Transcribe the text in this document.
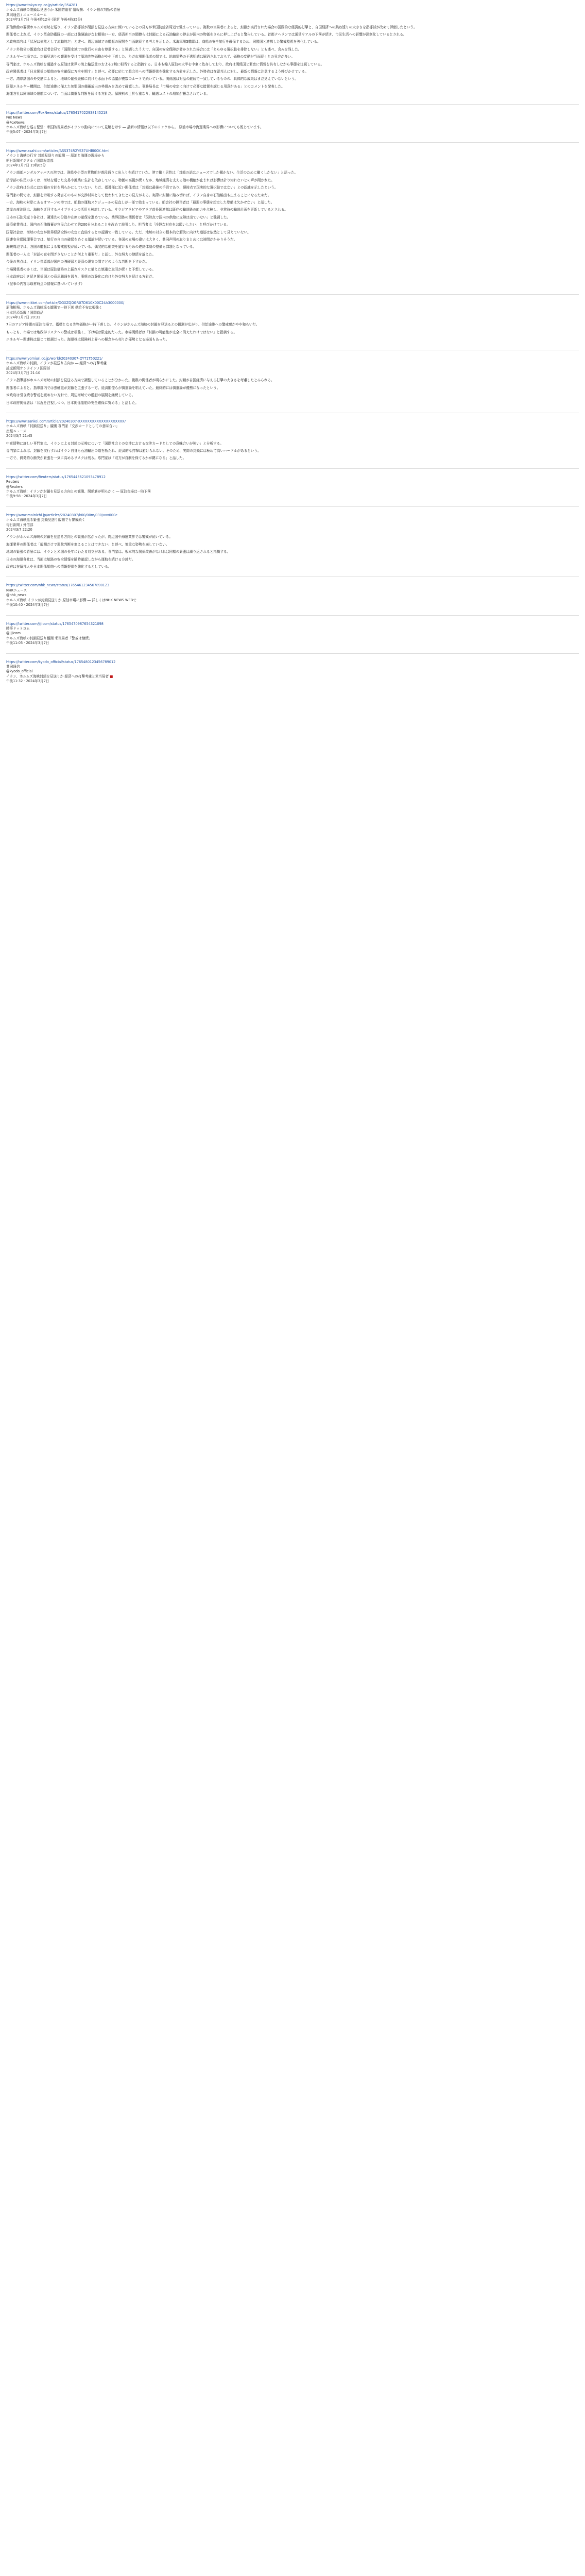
https://www.tokyo-np.co.jp/article/354281
ホルムズ海峡の閉鎖は見送りか 米国防総省 情報筋：イラン側の判断の背景
共同通信 / ニュースルーム
2024年3月7日 午後4時12分 (更新 午後4時35分)
原油供給の要衝ホルムズ海峡を巡り、イラン指導部が閉鎖を見送る方向に傾いているとの見方が米国防総省周辺で強まっている。複数の当局者によると、封鎖が実行された場合の国際的な経済的打撃と、自国経済への跳ね返りの大きさを指導部が改めて評価したという。
関係者によれば、イラン革命防衛隊の一部には強硬論がなお根強い一方、経済担当の閣僚らは封鎖による石油輸出の停止が国内の物価をさらに押し上げると警告している。首都テヘランでは通貨リアルの下落が続き、市民生活への影響が深刻化しているとされる。
米政府高官は「状況は依然として流動的だ」と述べ、周辺海域での艦艇の展開を当面継続する考えを示した。米海軍第5艦隊は、商船の安全航行を確保するため、同盟国と連携した警戒監視を強化している。
イラン外務省の報道官は記者会見で「国際水域での航行の自由を尊重する」と強調したうえで、自国の安全保障が脅かされた場合には「あらゆる選択肢を排除しない」とも述べ、含みを残した。
エネルギー市場では、封鎖見送りの観測を受けて原油先物価格がやや下落した。ただ市場関係者の間では、地域情勢の不透明感は解消されておらず、価格の変動が当面続くとの見方が多い。
専門家は、ホルムズ海峡を通過する原油は世界の海上輸送量のおよそ2割に相当すると指摘する。日本も輸入原油の大半を中東に依存しており、政府は関係国と緊密に情報を共有しながら事態を注視している。
政府関係者は「日本関係の船舶の安全確保に万全を期す」と述べ、必要に応じて船会社への情報提供を強化する方針を示した。外務省は在留邦人に対し、最新の情報に注意するよう呼びかけている。
一方、湾岸諸国の外交筋によると、地域の緊張緩和に向けた水面下の協議が複数のルートで続いている。関係国は対話の継続で一致しているものの、具体的な成果はまだ見えていないという。
国際エネルギー機関は、供給途絶に備えた加盟国の備蓄放出の枠組みを改めて確認した。事務局長は「市場の安定に向けて必要な措置を講じる用意がある」とのコメントを発表した。
海運各社は同海域の運航について、当面は慎重な判断を続ける方針だ。保険料の上昇も重なり、輸送コストの増加が懸念されている。
https://twitter.com/FoxNews/status/1765417022938145218
Fox News
@FoxNews
ホルムズ海峡を巡る緊張：米国防当局者がイランの動向について見解を示す ― 最新の情報は以下のリンクから。 原油市場や海運業界への影響についても報じています。
午後5:07 · 2024年3月7日
https://www.asahi.com/articles/ASS374R2YS37UHBI00K.html
イランと海峡の行方 封鎖見送りの観測 ― 原油と海運の現場から
朝日新聞デジタル / 国際報道部
2024年3月7日 19時05分
イラン南部バンダルアッバスの港では、漁船や小型の貨物船が普段通りに出入りを続けていた。港で働く男性は「封鎖の話はニュースでしか聞かない。生活のために働くしかない」と語った。
沿岸部の住民の多くは、海峡を通じた交易や漁業に生計を依存している。物価の高騰が続くなか、地域経済を支える港の機能が止まれば影響は計り知れないとの声が聞かれた。
イラン政府は公式には封鎖の方針を明らかにしていない。ただ、指導部に近い関係者は「封鎖は最後の手段であり、現時点で現実的な選択肢ではない」との認識を示したという。
専門家の間では、封鎖を示唆する発言そのものが交渉材料として使われてきたとの見方がある。実際に封鎖に踏み切れば、イラン自身の石油輸出も止まることになるためだ。
一方、海峡の対岸にあるオマーンの港では、船舶の運航スケジュールの見直しが一部で始まっている。船会社の担当者は「最悪の事態を想定した準備は欠かせない」と話した。
湾岸の産油国は、海峡を迂回するパイプラインの活用も検討している。サウジアラビアやアラブ首長国連邦は既存の輸送路の能力を点検し、非常時の輸送計画を更新しているとされる。
日本の石油元売り各社は、調達先の分散や在庫の確保を進めている。業界団体の関係者は「現時点で国内の供給に支障は出ていない」と強調した。
経済産業省は、国内の石油備蓄が官民合わせて約200日分あることを改めて説明した。担当者は「冷静な対応をお願いしたい」と呼びかけている。
国際社会は、海峡の安定が世界経済全体の安定に直結するとの認識で一致している。ただ、地域の対立の根本的な解決に向けた道筋は依然として見えていない。
国連安全保障理事会では、航行の自由の確保をめぐる議論が続いている。各国の立場の違いは大きく、共同声明の取りまとめには時間がかかりそうだ。
海峡周辺では、各国の艦艇による警戒監視が続いている。偶発的な衝突を避けるための連絡体制の整備も課題となっている。
関係者の一人は「対話の窓を閉ざさないことが何より重要だ」と話し、外交努力の継続を訴えた。
今後の焦点は、イラン指導部が国内の強硬派と経済の現実の間でどのような判断を下すかだ。
市場関係者の多くは、当面は原油価格の上振れリスクに備えた慎重な取引が続くと予想している。
日本政府は引き続き関係国との意思疎通を図り、事態の沈静化に向けた外交努力を続ける方針だ。
（記事の内容は取材時点の情報に基づいています）
https://www.nikkei.com/article/DGXZQOGR07D610X00C24A3000000/
原油相場、ホルムズ海峡巡る観測で一時下落 供給不安は根強く
日本経済新聞 / 国際商品
2024年3月7日 20:31
7日のアジア時間の原油市場で、指標となる先物価格が一時下落した。イランがホルムズ海峡の封鎖を見送るとの観測が広がり、供給途絶への警戒感がやや和らいだ。
もっとも、市場では地政学リスクへの警戒は根強く、下げ幅は限定的だった。市場関係者は「封鎖の可能性が完全に消えたわけではない」と指摘する。
エネルギー関連株は総じて軟調だった。海運株は保険料上昇への懸念から売りが優勢となる場面もあった。
https://www.yomiuri.co.jp/world/20240307-OYT1T50221/
ホルムズ海峡の封鎖、イランが見送り方向か ― 経済への打撃考慮
読売新聞オンライン / 国際部
2024年3月7日 21:10
イラン指導部がホルムズ海峡の封鎖を見送る方向で調整していることが分かった。複数の関係者が明らかにした。封鎖が自国経済に与える打撃の大きさを考慮したとみられる。
関係者によると、指導部内では強硬派が封鎖を主張する一方、経済閣僚らが慎重論を唱えていた。最終的には慎重論が優勢になったという。
米政府は引き続き警戒を緩めない方針で、周辺海域での艦艇の展開を継続している。
日本政府関係者は「状況を注視しつつ、日本関係船舶の安全確保に努める」と話した。
https://www.sankei.com/article/20240307-XXXXXXXXXXXXXXXXXXXX/
ホルムズ海峡「封鎖見送り」観測 専門家「交渉カードとしての意味合い」
産経ニュース
2024/3/7 21:45
中東情勢に詳しい専門家は、イランによる封鎖の示唆について「国際社会との交渉における交渉カードとしての意味合いが強い」と分析する。
専門家によれば、封鎖を実行すればイラン自身も石油輸出の道を断たれ、経済的な打撃は避けられない。そのため、実際の封鎖には極めて高いハードルがあるという。
一方で、偶発的な衝突が緊張を一気に高めるリスクは残る。専門家は「双方が自制を保てるかが鍵になる」と話した。
https://twitter.com/Reuters/status/1765445621093478912
Reuters
@Reuters
ホルムズ海峡：イランが封鎖を見送る方向との観測、関係筋が明らかに ― 原油市場は一時下落
午後9:58 · 2024年3月7日
https://www.mainichi.jp/articles/20240307/k00/00m/030/xxx000c
ホルムズ海峡巡る緊張 封鎖見送り観測でも警戒続く
毎日新聞 / 外信部
2024/3/7 22:20
イランがホルムズ海峡の封鎖を見送る方向との観測が広がったが、周辺国や海運業界では警戒が続いている。
海運業界の関係者は「観測だけで運航判断を変えることはできない」と述べ、慎重な姿勢を崩していない。
地域の緊張の背景には、イランと米国の長年にわたる対立がある。専門家は、根本的な関係改善がなければ同様の緊張は繰り返されると指摘する。
日本の海運各社は、当面は航路の安全情報を随時確認しながら運航を続ける方針だ。
政府は在留邦人や日本関係船舶への情報提供を強化するとしている。
https://twitter.com/nhk_news/status/1765461234567890123
NHKニュース
@nhk_news
ホルムズ海峡 イランが封鎖見送りか 原油市場に影響 ― 詳しくはNHK NEWS WEBで
午後10:40 · 2024年3月7日
https://twitter.com/jijicom/status/1765470987654321098
時事ドットコム
@jijicom
ホルムズ海峡の封鎖見送り観測 米当局者「警戒は継続」
午後11:05 · 2024年3月7日
https://twitter.com/kyodo_official/status/1765480123456789012
共同通信
@kyodo_official
イラン、ホルムズ海峡封鎖を見送りか 経済への打撃考慮と米当局者 ■
午後11:32 · 2024年3月7日
